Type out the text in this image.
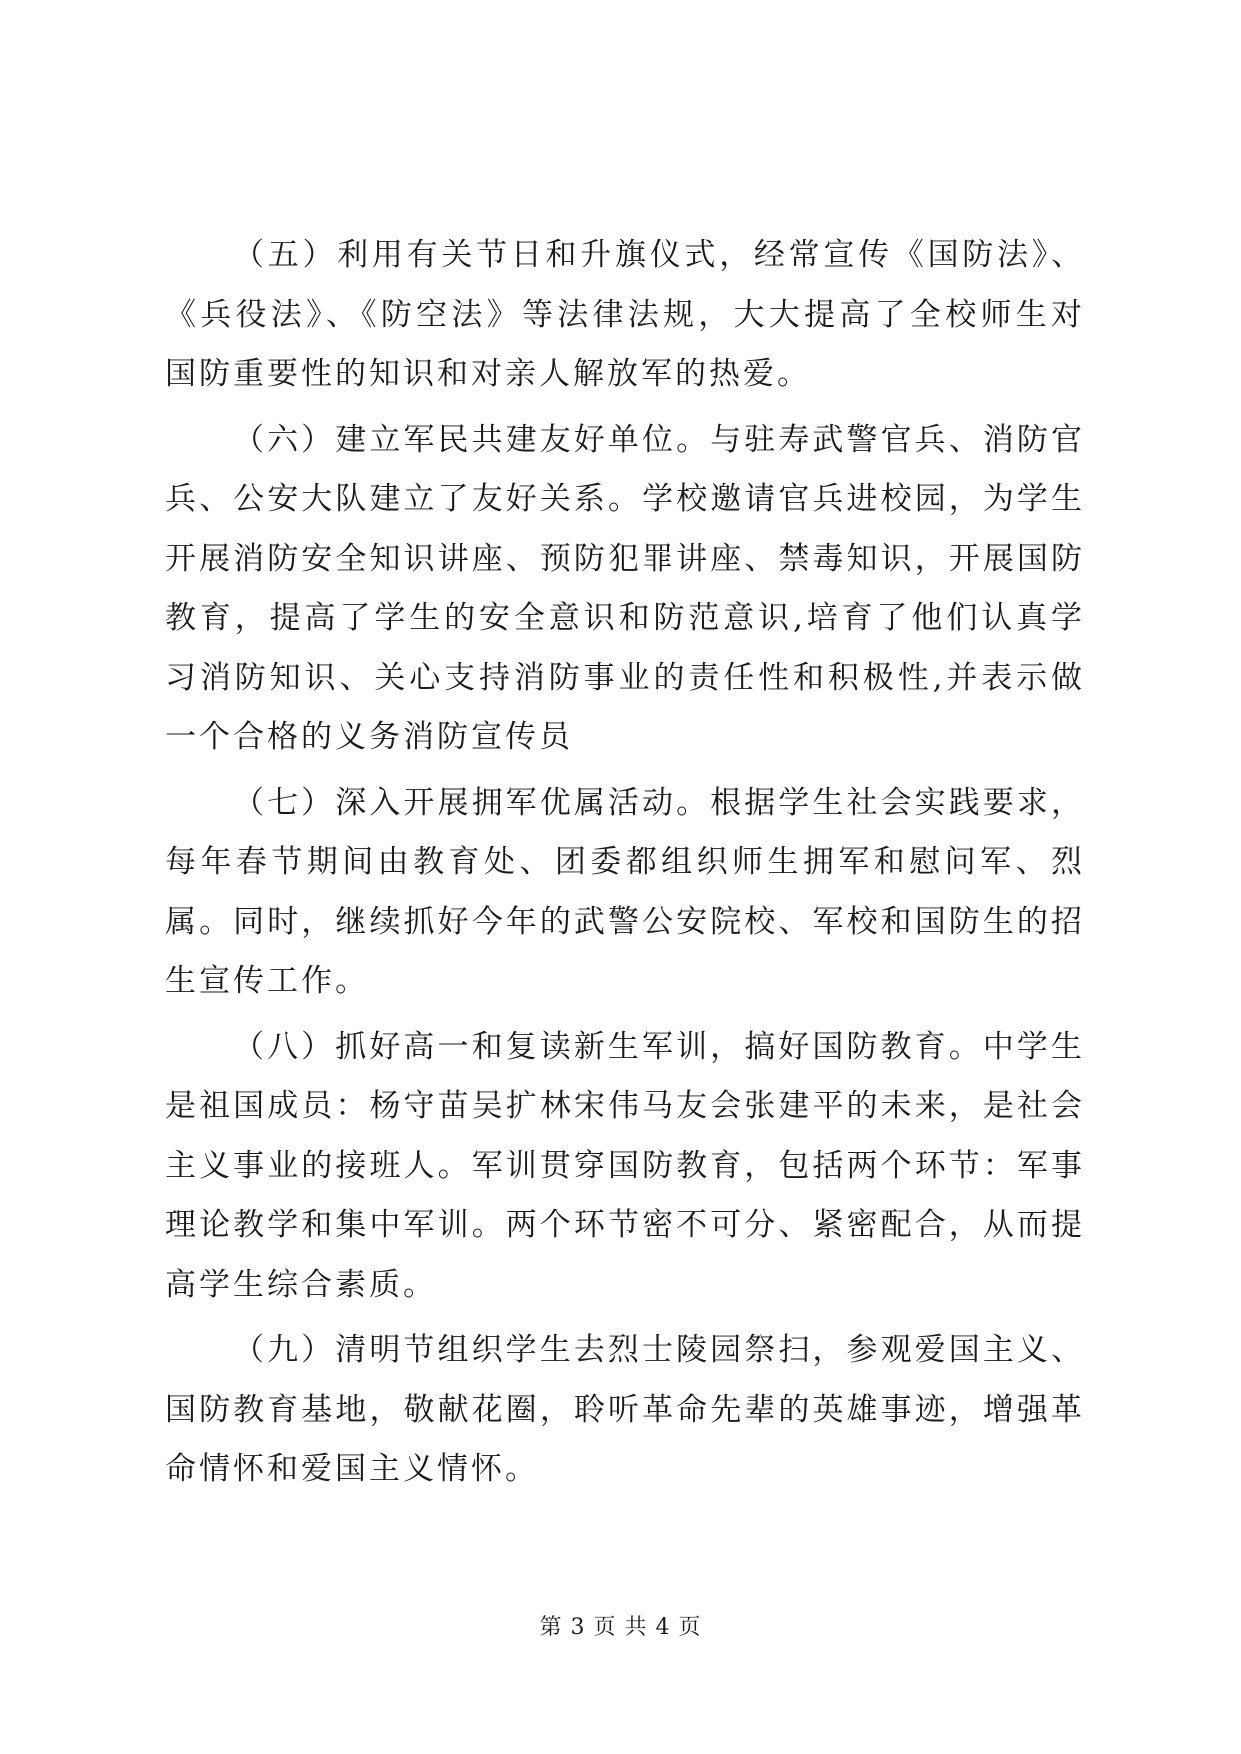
（五）利用有关节日和升旗仪式，经常宣传《国防法》、《兵役法》、《防空法》等法律法规，大大提高了全校师生对国防重要性的知识和对亲人解放军的热爱。

（六）建立军民共建友好单位。与驻寿武警官兵、消防官兵、公安大队建立了友好关系。学校邀请官兵进校园，为学生开展消防安全知识讲座、预防犯罪讲座、禁毒知识，开展国防教育，提高了学生的安全意识和防范意识,培育了他们认真学习消防知识、关心支持消防事业的责任性和积极性,并表示做一个合格的义务消防宣传员

（七）深入开展拥军优属活动。根据学生社会实践要求，每年春节期间由教育处、团委都组织师生拥军和慰问军、烈属。同时，继续抓好今年的武警公安院校、军校和国防生的招生宣传工作。

（八）抓好高一和复读新生军训，搞好国防教育。中学生是祖国成员：杨守苗吴扩林宋伟马友会张建平的未来，是社会主义事业的接班人。军训贯穿国防教育，包括两个环节：军事理论教学和集中军训。两个环节密不可分、紧密配合，从而提高学生综合素质。

（九）清明节组织学生去烈士陵园祭扫，参观爱国主义、国防教育基地，敬献花圈，聆听革命先辈的英雄事迹，增强革命情怀和爱国主义情怀。

第 3 页 共 4 页
